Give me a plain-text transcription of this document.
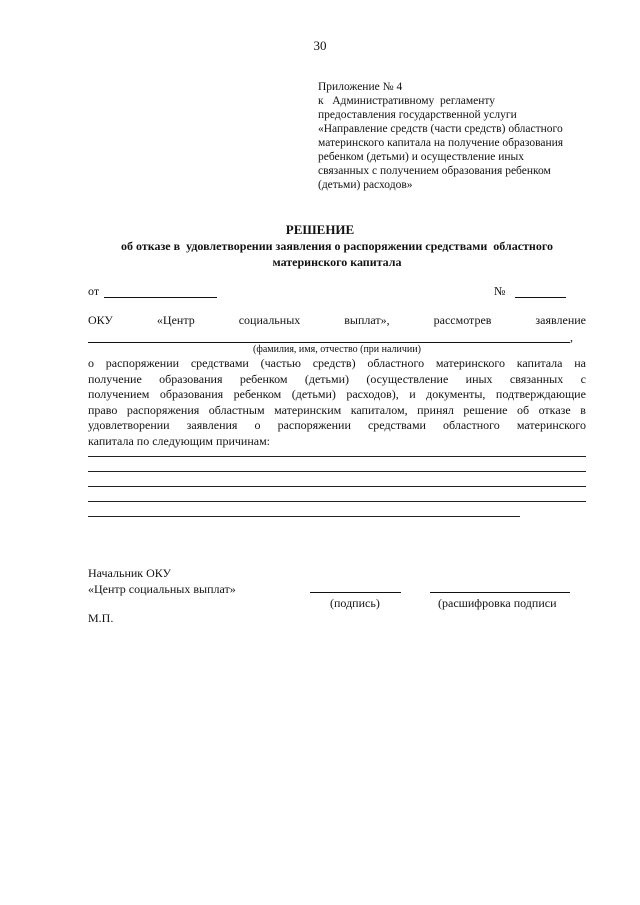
30
Приложение № 4
к   Административному  регламенту
предоставления государственной услуги
«Направление средств (части средств) областного
материнского капитала на получение образования
ребенком (детьми) и осуществление иных
связанных с получением образования ребенком
(детьми) расходов»
РЕШЕНИЕ
об отказе в  удовлетворении заявления о распоряжении средствами  областного материнского капитала
от	№
ОКУ	«Центр	социальных	выплат»,	рассмотрев	заявление
,
(фамилия, имя, отчество (при наличии)
о распоряжении средствами (частью средств) областного материнского капитала на
получение образования ребенком (детьми) (осуществление иных связанных с
получением образования ребенком (детьми) расходов), и документы, подтверждающие
право распоряжения областным материнским капиталом, принял решение об отказе в
удовлетворении заявления о распоряжении средствами областного материнского
капитала по следующим причинам:
Начальник ОКУ
«Центр социальных выплат»
(подпись)	(расшифровка подписи
М.П.
